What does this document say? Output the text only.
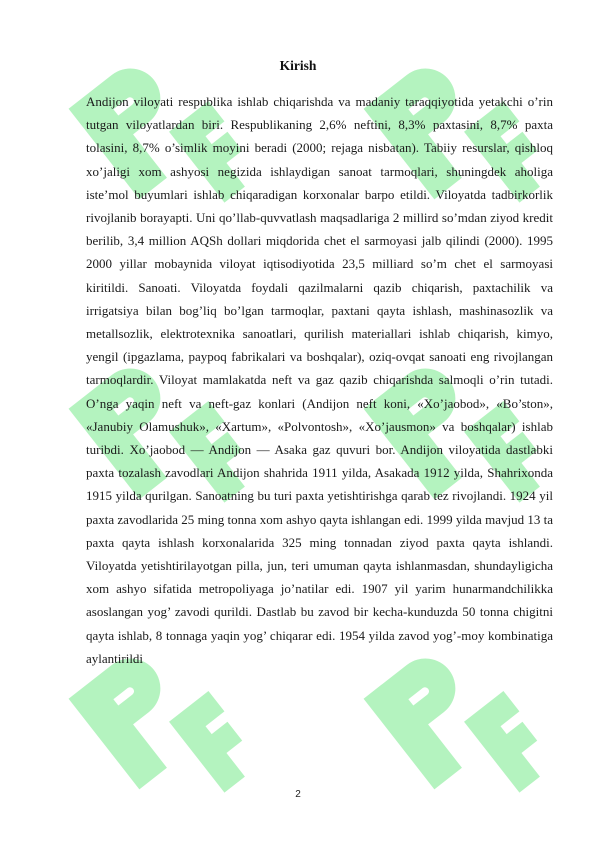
Kirish

Andijon viloyati respublika ishlab chiqarishda va madaniy taraqqiyotida yetakchi o’rin tutgan viloyatlardan biri. Respublikaning 2,6% neftini, 8,3% paxtasini, 8,7% paxta tolasini, 8,7% o’simlik moyini beradi (2000; rejaga nisbatan). Tabiiy resurslar, qishloq xo’jaligi xom ashyosi negizida ishlaydigan sanoat tarmoqlari, shuningdek aholiga iste’mol buyumlari ishlab chiqaradigan korxonalar barpo etildi. Viloyatda tadbirkorlik rivojlanib borayapti. Uni qo’llab-quvvatlash maqsadlariga 2 millird so’mdan ziyod kredit berilib, 3,4 million AQSh dollari miqdorida chet el sarmoyasi jalb qilindi (2000). 1995 2000 yillar mobaynida viloyat iqtisodiyotida 23,5 milliard so’m chet el sarmoyasi kiritildi. Sanoati. Viloyatda foydali qazilmalarni qazib chiqarish, paxtachilik va irrigatsiya bilan bog’liq bo’lgan tarmoqlar, paxtani qayta ishlash, mashinasozlik va metallsozlik, elektrotexnika sanoatlari, qurilish materiallari ishlab chiqarish, kimyo, yengil (ipgazlama, paypoq fabrikalari va boshqalar), oziq-ovqat sanoati eng rivojlangan tarmoqlardir. Viloyat mamlakatda neft va gaz qazib chiqarishda salmoqli o’rin tutadi. O’nga yaqin neft va neft-gaz konlari (Andijon neft koni, «Xo’jaobod», «Bo’ston», «Janubiy Olamushuk», «Xartum», «Polvontosh», «Xo’jausmon» va boshqalar) ishlab turibdi. Xo’jaobod — Andijon — Asaka gaz quvuri bor. Andijon viloyatida dastlabki paxta tozalash zavodlari Andijon shahrida 1911 yilda, Asakada 1912 yilda, Shahrixonda 1915 yilda qurilgan. Sanoatning bu turi paxta yetishtirishga qarab tez rivojlandi. 1924 yil paxta zavodlarida 25 ming tonna xom ashyo qayta ishlangan edi. 1999 yilda mavjud 13 ta paxta qayta ishlash korxonalarida 325 ming tonnadan ziyod paxta qayta ishlandi. Viloyatda yetishtirilayotgan pilla, jun, teri umuman qayta ishlanmasdan, shundayligicha xom ashyo sifatida metropoliyaga jo’natilar edi. 1907 yil yarim hunarmandchilikka asoslangan yog’ zavodi qurildi. Dastlab bu zavod bir kecha-kunduzda 50 tonna chigitni qayta ishlab, 8 tonnaga yaqin yog’ chiqarar edi. 1954 yilda zavod yog’-moy kombinatiga aylantirildi

2
